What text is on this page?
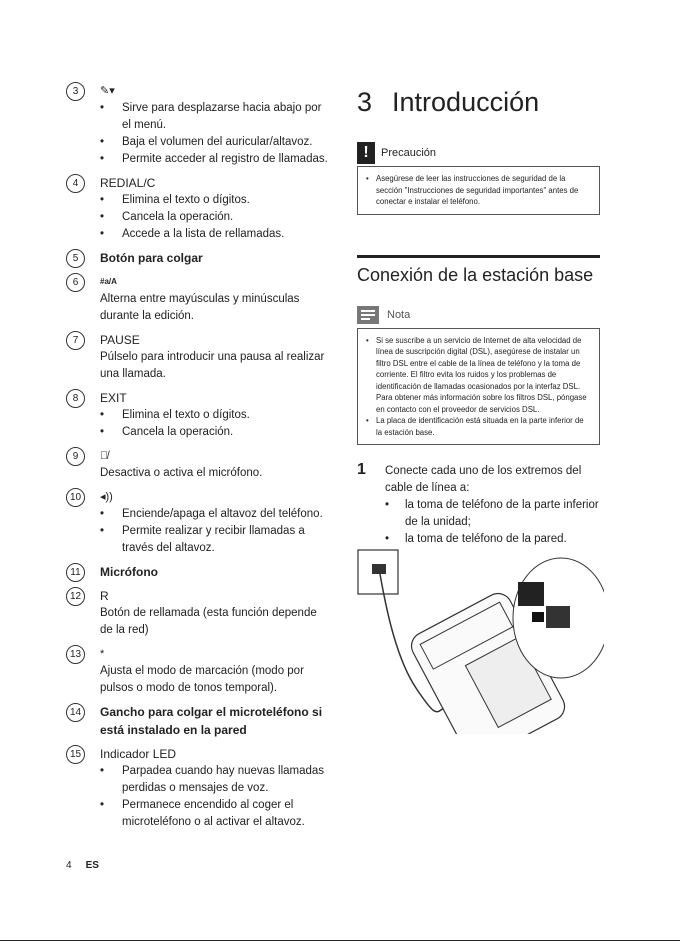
3	✎▾
• Sirve para desplazarse hacia abajo por el menú.
• Baja el volumen del auricular/altavoz.
• Permite acceder al registro de llamadas.
4	REDIAL/C
• Elimina el texto o dígitos.
• Cancela la operación.
• Accede a la lista de rellamadas.
5	Botón para colgar
6	#a/A
Alterna entre mayúsculas y minúsculas durante la edición.
7	PAUSE
Púlselo para introducir una pausa al realizar una llamada.
8	EXIT
• Elimina el texto o dígitos.
• Cancela la operación.
9	🎙̸
Desactiva o activa el micrófono.
10	◂))
• Enciende/apaga el altavoz del teléfono.
• Permite realizar y recibir llamadas a través del altavoz.
11	Micrófono
12	R
Botón de rellamada (esta función depende de la red)
13	*
Ajusta el modo de marcación (modo por pulsos o modo de tonos temporal).
14	Gancho para colgar el microteléfono si está instalado en la pared
15	Indicador LED
• Parpadea cuando hay nuevas llamadas perdidas o mensajes de voz.
• Permanece encendido al coger el microteléfono o al activar el altavoz.
3 Introducción
!	Precaución
• Asegúrese de leer las instrucciones de seguridad de la sección "Instrucciones de seguridad importantes" antes de conectar e instalar el teléfono.
Conexión de la estación base
Nota
• Si se suscribe a un servicio de Internet de alta velocidad de línea de suscripción digital (DSL), asegúrese de instalar un filtro DSL entre el cable de la línea de teléfono y la toma de corriente. El filtro evita los ruidos y los problemas de identificación de llamadas ocasionados por la interfaz DSL. Para obtener más información sobre los filtros DSL, póngase en contacto con el proveedor de servicios DSL.
• La placa de identificación está situada en la parte inferior de la estación base.
1 Conecte cada uno de los extremos del cable de línea a:
• la toma de teléfono de la parte inferior de la unidad;
• la toma de teléfono de la pared.
4 ES
